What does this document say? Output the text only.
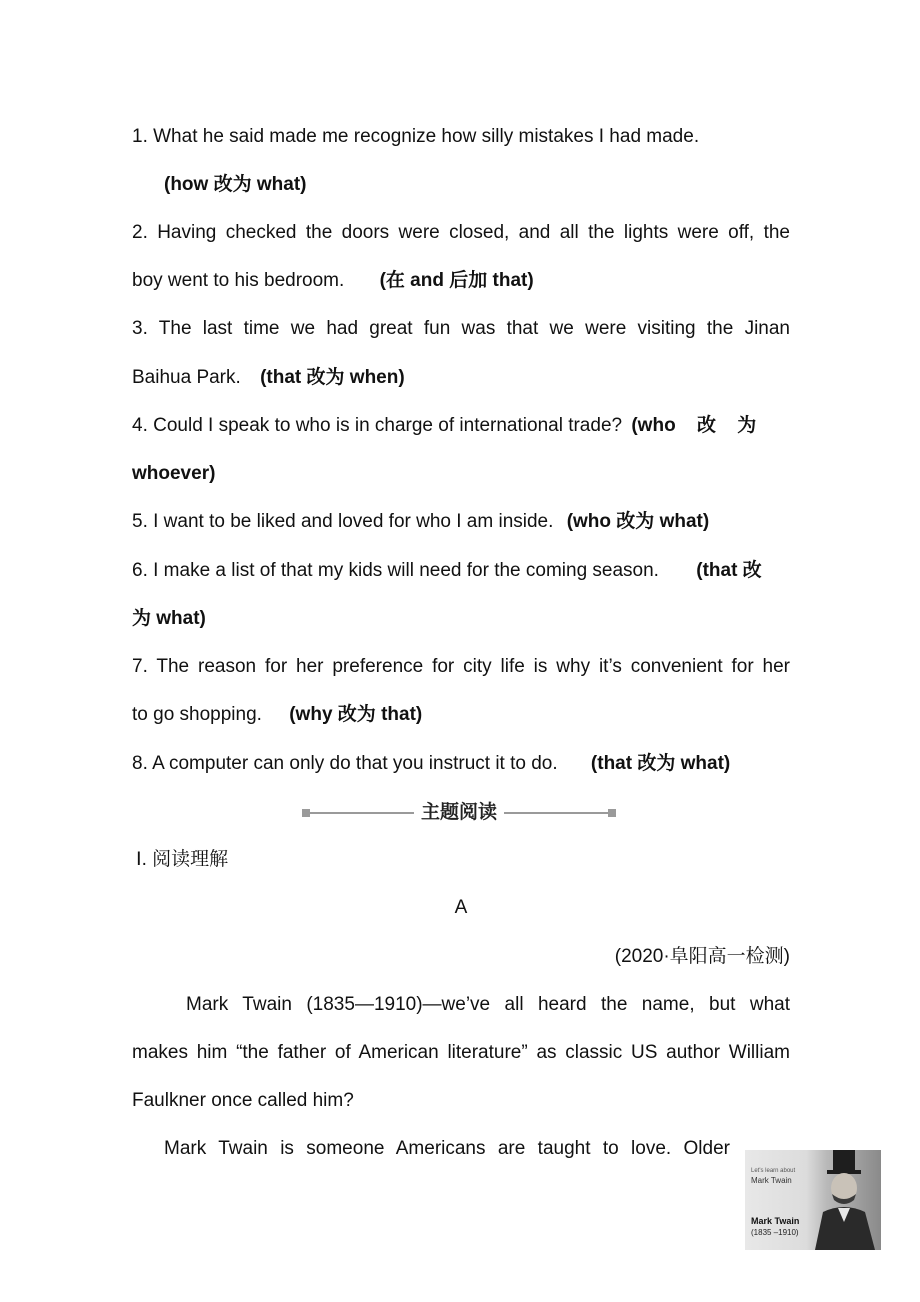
1. What he said made me recognize how silly mistakes I had made.
(how 改为 what)
2. Having checked the doors were closed, and all the lights were off, the
boy went to his bedroom. (在 and 后加 that)
3. The last time we had great fun was that we were visiting the Jinan
Baihua Park. (that 改为 when)
4. Could I speak to who is in charge of international trade? (who 改 为
whoever)
5. I want to be liked and loved for who I am inside. (who 改为 what)
6. I make a list of that my kids will need for the coming season. (that 改
为 what)
7. The reason for her preference for city life is why it’s convenient for her
to go shopping. (why 改为 that)
8. A computer can only do that you instruct it to do. (that 改为 what)
主题阅读
Ⅰ. 阅读理解
A
(2020·阜阳高一检测)
Mark Twain (1835—1910)—we’ve all heard the name, but what
makes him “the father of American literature” as classic US author William
Faulkner once called him?
Mark Twain is someone Americans are taught to love. Older
Let's learn about
Mark Twain
Mark Twain
(1835 –1910)
